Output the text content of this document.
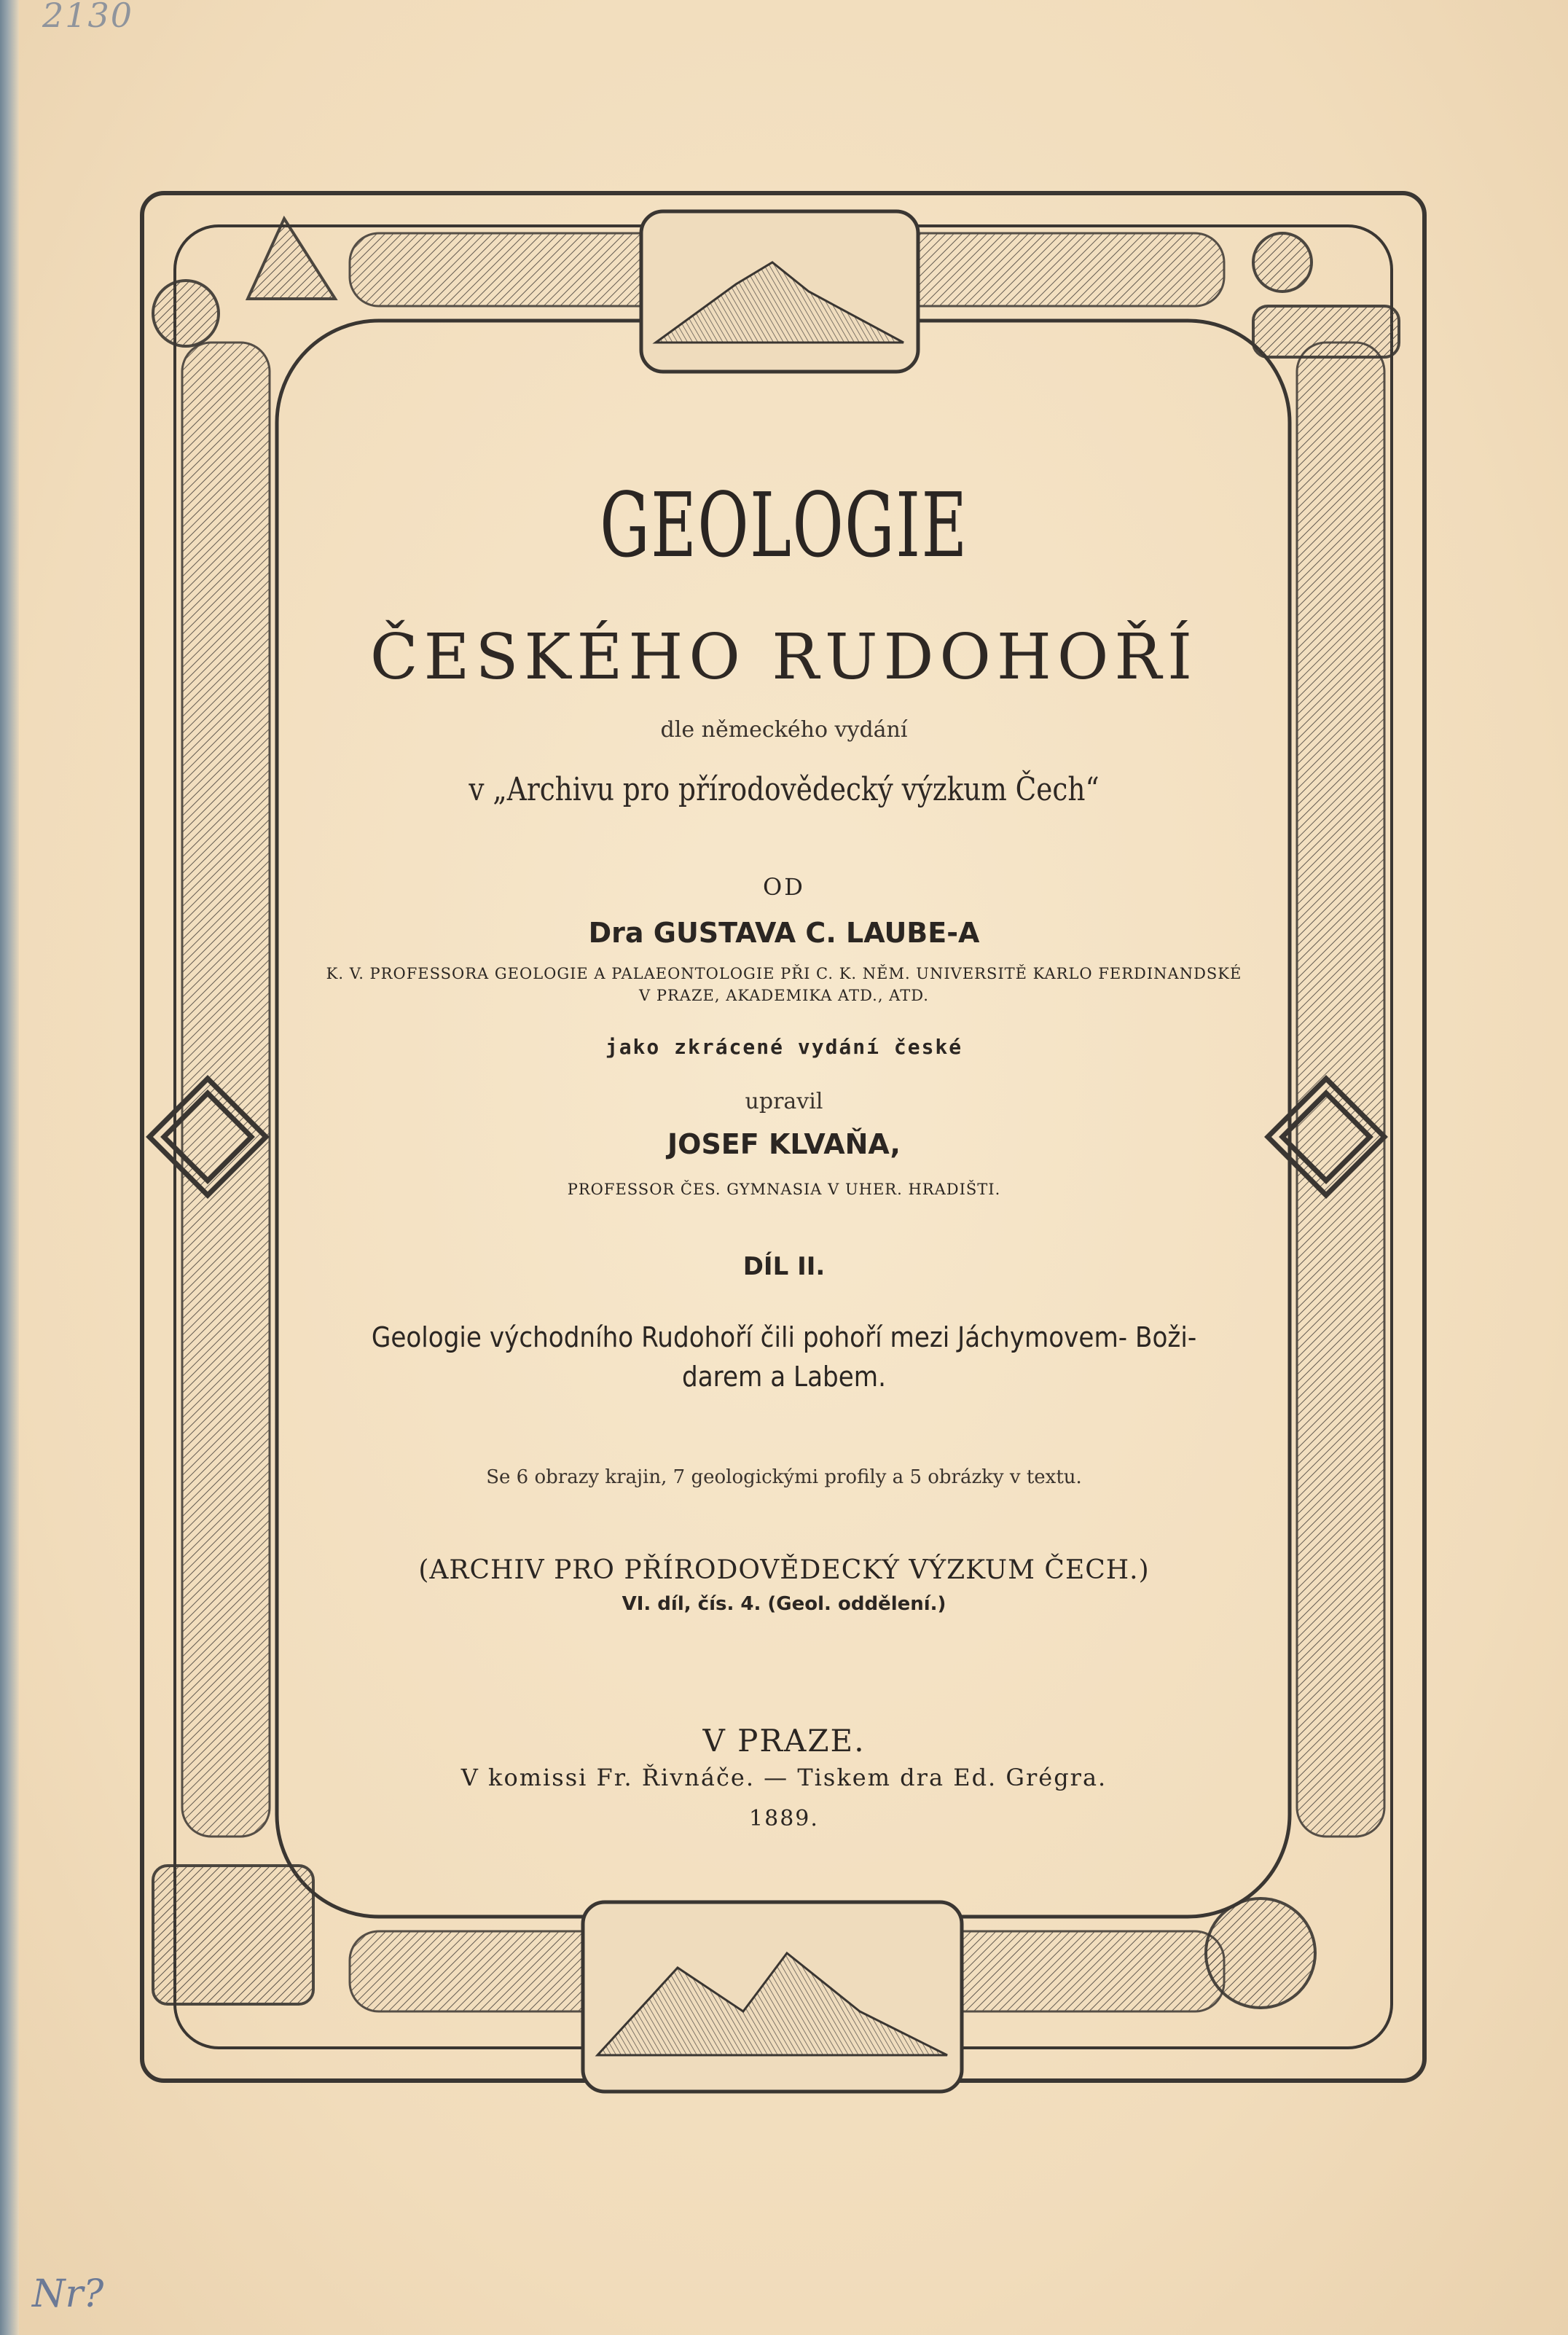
2130
Nr?
GEOLOGIE
ČESKÉHO RUDOHOŘÍ
dle německého vydání
v „Archivu pro přírodovědecký výzkum Čech“
OD
Dra GUSTAVA C. LAUBE-A
K. V. PROFESSORA GEOLOGIE A PALAEONTOLOGIE PŘI C. K. NĚM. UNIVERSITĚ KARLO FERDINANDSKÉ
V PRAZE, AKADEMIKA ATD., ATD.
jako zkrácené vydání české
upravil
JOSEF KLVAŇA,
PROFESSOR ČES. GYMNASIA V UHER. HRADIŠTI.
DÍL II.
Geologie východního Rudohoří čili pohoří mezi Jáchymovem- Boži-
darem a Labem.
Se 6 obrazy krajin, 7 geologickými profily a 5 obrázky v textu.
(ARCHIV PRO PŘÍRODOVĚDECKÝ VÝZKUM ČECH.)
VI. díl, čís. 4. (Geol. oddělení.)
V PRAZE.
V komissi Fr. Řivnáče. — Tiskem dra Ed. Grégra.
1889.
